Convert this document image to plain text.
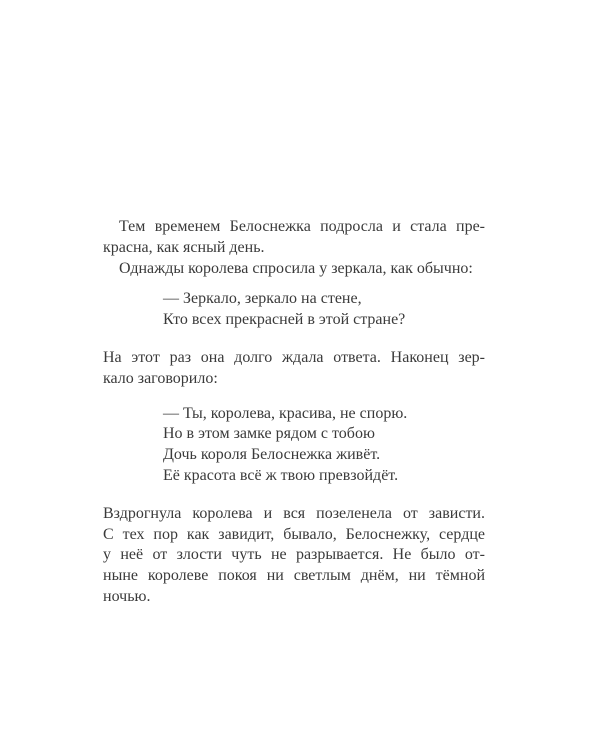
Тем временем Белоснежка подросла и стала пре-
красна, как ясный день.

Однажды королева спросила у зеркала, как обычно:

— Зеркало, зеркало на стене,
Кто всех прекрасней в этой стране?

На этот раз она долго ждала ответа. Наконец зер-
кало заговорило:

— Ты, королева, красива, не спорю.
Но в этом замке рядом с тобою
Дочь короля Белоснежка живёт.
Её красота всё ж твою превзойдёт.

Вздрогнула королева и вся позеленела от зависти.
С тех пор как завидит, бывало, Белоснежку, сердце
у неё от злости чуть не разрывается. Не было от-
ныне королеве покоя ни светлым днём, ни тёмной
ночью.
